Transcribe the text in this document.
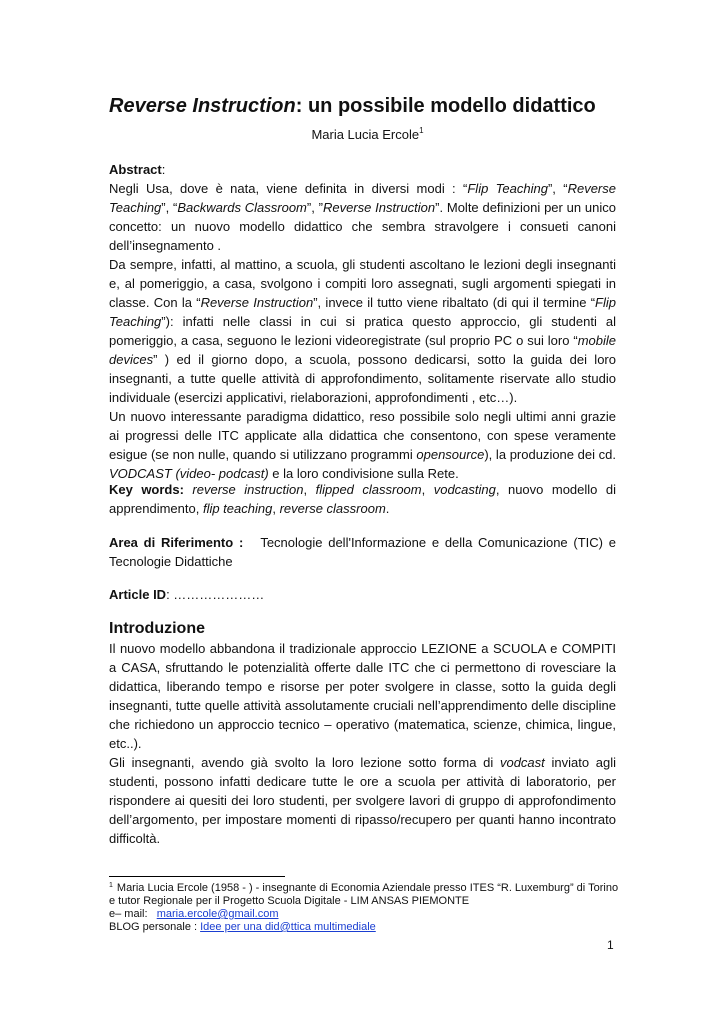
Reverse Instruction: un possibile modello didattico
Maria Lucia Ercole$^1$
Abstract:

Negli Usa, dove è nata, viene definita in diversi modi : “Flip Teaching”, “Reverse Teaching”, “Backwards Classroom”, ”Reverse Instruction”. Molte definizioni per un unico concetto: un nuovo modello didattico che sembra stravolgere i consueti canoni dell’insegnamento .

Da sempre, infatti, al mattino, a scuola, gli studenti ascoltano le lezioni degli insegnanti e, al pomeriggio, a casa, svolgono i compiti loro assegnati, sugli argomenti spiegati in classe. Con la “Reverse Instruction”, invece il tutto viene ribaltato (di qui il termine “Flip Teaching”): infatti nelle classi in cui si pratica questo approccio, gli studenti al pomeriggio, a casa, seguono le lezioni videoregistrate (sul proprio PC o sui loro “mobile devices” ) ed il giorno dopo, a scuola, possono dedicarsi, sotto la guida dei loro insegnanti, a tutte quelle attività di approfondimento, solitamente riservate allo studio individuale (esercizi applicativi, rielaborazioni, approfondimenti , etc…).

Un nuovo interessante paradigma didattico, reso possibile solo negli ultimi anni grazie ai progressi delle ITC applicate alla didattica che consentono, con spese veramente esigue (se non nulle, quando si utilizzano programmi opensource), la produzione dei cd. VODCAST (video- podcast) e la loro condivisione sulla Rete.

Key words: reverse instruction, flipped classroom, vodcasting, nuovo modello di apprendimento, flip teaching, reverse classroom.
Area di Riferimento : Tecnologie dell'Informazione e della Comunicazione (TIC) e Tecnologie Didattiche
Article ID: …………………
Introduzione

Il nuovo modello abbandona il tradizionale approccio LEZIONE a SCUOLA e COMPITI a CASA, sfruttando le potenzialità offerte dalle ITC che ci permettono di rovesciare la didattica, liberando tempo e risorse per poter svolgere in classe, sotto la guida degli insegnanti, tutte quelle attività assolutamente cruciali nell’apprendimento delle discipline che richiedono un approccio tecnico – operativo (matematica, scienze, chimica, lingue, etc..).

Gli insegnanti, avendo già svolto la loro lezione sotto forma di vodcast inviato agli studenti, possono infatti dedicare tutte le ore a scuola per attività di laboratorio, per rispondere ai quesiti dei loro studenti, per svolgere lavori di gruppo di approfondimento dell’argomento, per impostare momenti di ripasso/recupero per quanti hanno incontrato difficoltà.

$^1$ Maria Lucia Ercole (1958 - ) - insegnante di Economia Aziendale presso ITES “R. Luxemburg” di Torino
e tutor Regionale per il Progetto Scuola Digitale - LIM ANSAS PIEMONTE
e– mail:   maria.ercole@gmail.com
BLOG personale : Idee per una did@ttica multimediale
1
